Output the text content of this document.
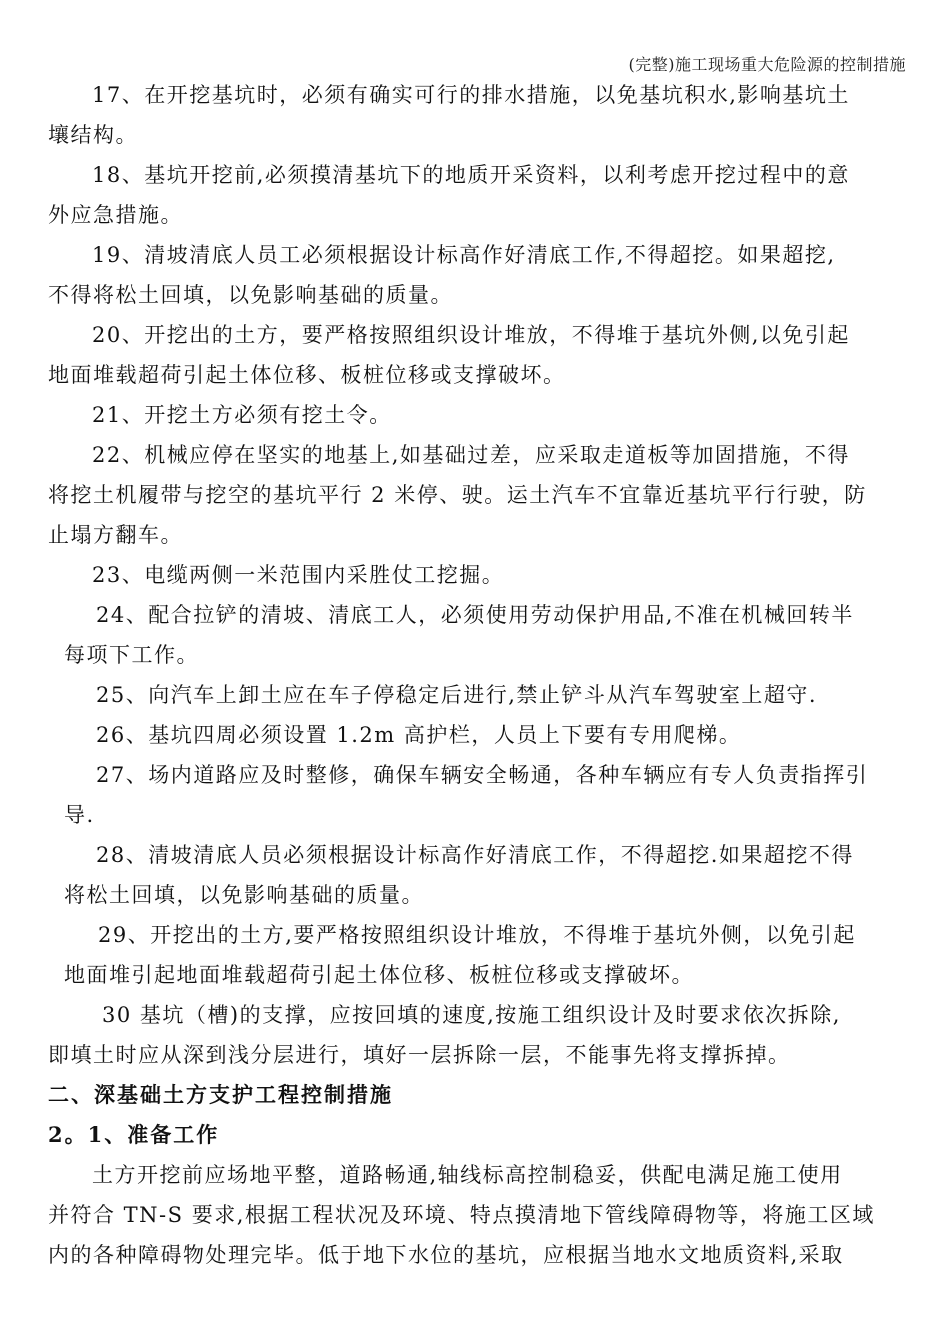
(完整)施工现场重大危险源的控制措施
17、在开挖基坑时，必须有确实可行的排水措施，以免基坑积水,影响基坑土
壤结构。
18、基坑开挖前,必须摸清基坑下的地质开采资料，以利考虑开挖过程中的意
外应急措施。
19、清坡清底人员工必须根据设计标高作好清底工作,不得超挖。如果超挖,
不得将松土回填，以免影响基础的质量。
20、开挖出的土方，要严格按照组织设计堆放，不得堆于基坑外侧,以免引起
地面堆载超荷引起土体位移、板桩位移或支撑破坏。
21、开挖土方必须有挖土令。
22、机械应停在坚实的地基上,如基础过差，应采取走道板等加固措施，不得
将挖土机履带与挖空的基坑平行 2 米停、驶。运土汽车不宜靠近基坑平行行驶，防
止塌方翻车。
23、电缆两侧一米范围内采胜仗工挖掘。
24、配合拉铲的清坡、清底工人，必须使用劳动保护用品,不准在机械回转半
每项下工作。
25、向汽车上卸土应在车子停稳定后进行,禁止铲斗从汽车驾驶室上超守.
26、基坑四周必须设置 1.2m 高护栏，人员上下要有专用爬梯。
27、场内道路应及时整修，确保车辆安全畅通，各种车辆应有专人负责指挥引
导.
28、清坡清底人员必须根据设计标高作好清底工作，不得超挖.如果超挖不得
将松土回填，以免影响基础的质量。
29、开挖出的土方,要严格按照组织设计堆放，不得堆于基坑外侧，以免引起
地面堆引起地面堆载超荷引起土体位移、板桩位移或支撑破坏。
30 基坑（槽)的支撑，应按回填的速度,按施工组织设计及时要求依次拆除,
即填土时应从深到浅分层进行，填好一层拆除一层，不能事先将支撑拆掉。
二、深基础土方支护工程控制措施
2。1、准备工作
土方开挖前应场地平整，道路畅通,轴线标高控制稳妥，供配电满足施工使用
并符合 TN-S 要求,根据工程状况及环境、特点摸清地下管线障碍物等，将施工区域
内的各种障碍物处理完毕。低于地下水位的基坑，应根据当地水文地质资料,采取
